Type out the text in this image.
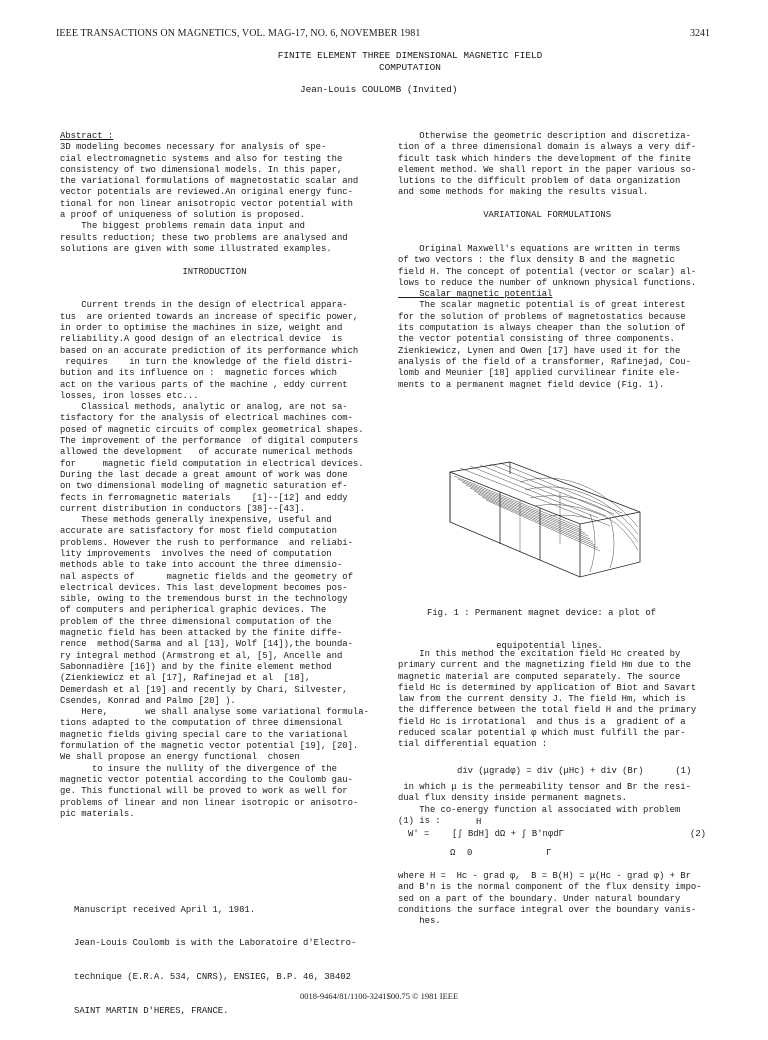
IEEE TRANSACTIONS ON MAGNETICS, VOL. MAG-17, NO. 6, NOVEMBER 1981	3241
FINITE ELEMENT THREE DIMENSIONAL MAGNETIC FIELD
COMPUTATION
Jean-Louis COULOMB (Invited)
Abstract :
3D modeling becomes necessary for analysis of spe-
cial electromagnetic systems and also for testing the
consistency of two dimensional models. In this paper,
the variational formulations of magnetostatic scalar and
vector potentials are reviewed.An original energy func-
tional for non linear anisotropic vector potential with
a proof of uniqueness of solution is proposed.
The biggest problems remain data input and
results reduction; these two problems are analysed and
solutions are given with some illustrated examples.
INTRODUCTION
Current trends in the design of electrical appara-
tus  are oriented towards an increase of specific power,
in order to optimise the machines in size, weight and
reliability.A good design of an electrical device  is
based on an accurate prediction of its performance which
requires    in turn the knowledge of the field distri-
bution and its influence on :  magnetic forces which
act on the various parts of the machine , eddy current
losses, iron losses etc...
Classical methods, analytic or analog, are not sa-
tisfactory for the analysis of electrical machines com-
posed of magnetic circuits of complex geometrical shapes.
The improvement of the performance  of digital computers
allowed the development   of accurate numerical methods
for     magnetic field computation in electrical devices.
During the last decade a great amount of work was done
on two dimensional modeling of magnetic saturation ef-
fects in ferromagnetic materials    [1]--[12] and eddy
current distribution in conductors [38]--[43].
These methods generally inexpensive, useful and
accurate are satisfactory for most field computation
problems. However the rush to performance  and reliabi-
lity improvements  involves the need of computation
methods able to take into account the three dimensio-
nal aspects of      magnetic fields and the geometry of
electrical devices. This last development becomes pos-
sible, owing to the tremendous burst in the technology
of computers and peripherical graphic devices. The
problem of the three dimensional computation of the
magnetic field has been attacked by the finite diffe-
rence  method(Sarma and al [13], Wolf [14]),the bounda-
ry integral method (Armstrong et al, [5], Ancelle and
Sabonnadière [16]) and by the finite element method
(Zienkiewicz et al [17], Rafinejad et al  [18],
Demerdash et al [19] and recently by Chari, Silvester,
Csendes, Konrad and Palmo [20] ).
Here,       we shall analyse some variational formula-
tions adapted to the computation of three dimensional
magnetic fields giving special care to the variational
formulation of the magnetic vector potential [19], [20].
We shall propose an energy functional  chosen
to insure the nullity of the divergence of the
magnetic vector potential according to the Coulomb gau-
ge. This functional will be proved to work as well for
problems of linear and non linear isotropic or anisotro-
pic materials.
Otherwise the geometric description and discretiza-
tion of a three dimensional domain is always a very dif-
ficult task which hinders the development of the finite
element method. We shall report in the paper various so-
lutions to the difficult problem of data organization
and some methods for making the results visual.
VARIATIONAL FORMULATIONS
Original Maxwell's equations are written in terms
of two vectors : the flux density B and the magnetic
field H. The concept of potential (vector or scalar) al-
lows to reduce the number of unknown physical functions.
Scalar magnetic potential
The scalar magnetic potential is of great interest
for the solution of problems of magnetostatics because
its computation is always cheaper than the solution of
the vector potential consisting of three components.
Zienkiewicz, Lynen and Owen [17] have used it for the
analysis of the field of a transformer, Rafinejad, Cou-
lomb and Meunier [18] applied curvilinear finite ele-
ments to a permanent magnet field device (Fig. 1).

Fig. 1 : Permanent magnet device: a plot of

equipotential lines.

In this method the excitation field Hc created by
primary current and the magnetizing field Hm due to the
magnetic material are computed separately. The source
field Hc is determined by application of Biot and Savart
law from the current density J. The field Hm, which is
the difference between the total field H and the primary
field Hc is irrotational  and thus is a  gradient of a
reduced scalar potential φ which must fulfill the par-
tial differential equation :
div (μgradφ) = div (μHc) + div (Br)      (1)
in which μ is the permeability tensor and Br the resi-
dual flux density inside permanent magnets.
The co-energy function al associated with problem
(1) is :
W' =	[∫ BdH] dΩ + ∫ B'nφdΓ
H
Ω 0	Γ
(2)
where H =  Hc - grad φ,  B = B(H) = μ(Hc - grad φ) + Br
and B'n is the normal component of the flux density impo-
sed on a part of the boundary. Under natural boundary
conditions the surface integral over the boundary vanis-
hes.

Manuscript received April 1, 1981.

Jean-Louis Coulomb is with the Laboratoire d'Electro-

technique (E.R.A. 534, CNRS), ENSIEG, B.P. 46, 38402

SAINT MARTIN D'HERES, FRANCE.

0018-9464/81/1100-3241$00.75 © 1981 IEEE
